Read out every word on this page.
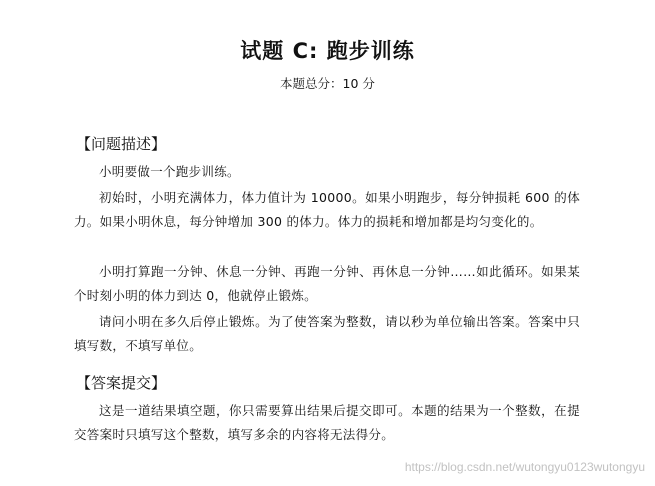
试题 C: 跑步训练
本题总分：10 分
【问题描述】
小明要做一个跑步训练。
初始时，小明充满体力，体力值计为 10000。如果小明跑步，每分钟损耗 600 的体力。如果小明休息，每分钟增加 300 的体力。体力的损耗和增加都是均匀变化的。
小明打算跑一分钟、休息一分钟、再跑一分钟、再休息一分钟……如此循环。如果某个时刻小明的体力到达 0，他就停止锻炼。
请问小明在多久后停止锻炼。为了使答案为整数，请以秒为单位输出答案。答案中只填写数，不填写单位。
【答案提交】
这是一道结果填空题，你只需要算出结果后提交即可。本题的结果为一个整数，在提交答案时只填写这个整数，填写多余的内容将无法得分。
https://blog.csdn.net/wutongyu0123wutongyu
